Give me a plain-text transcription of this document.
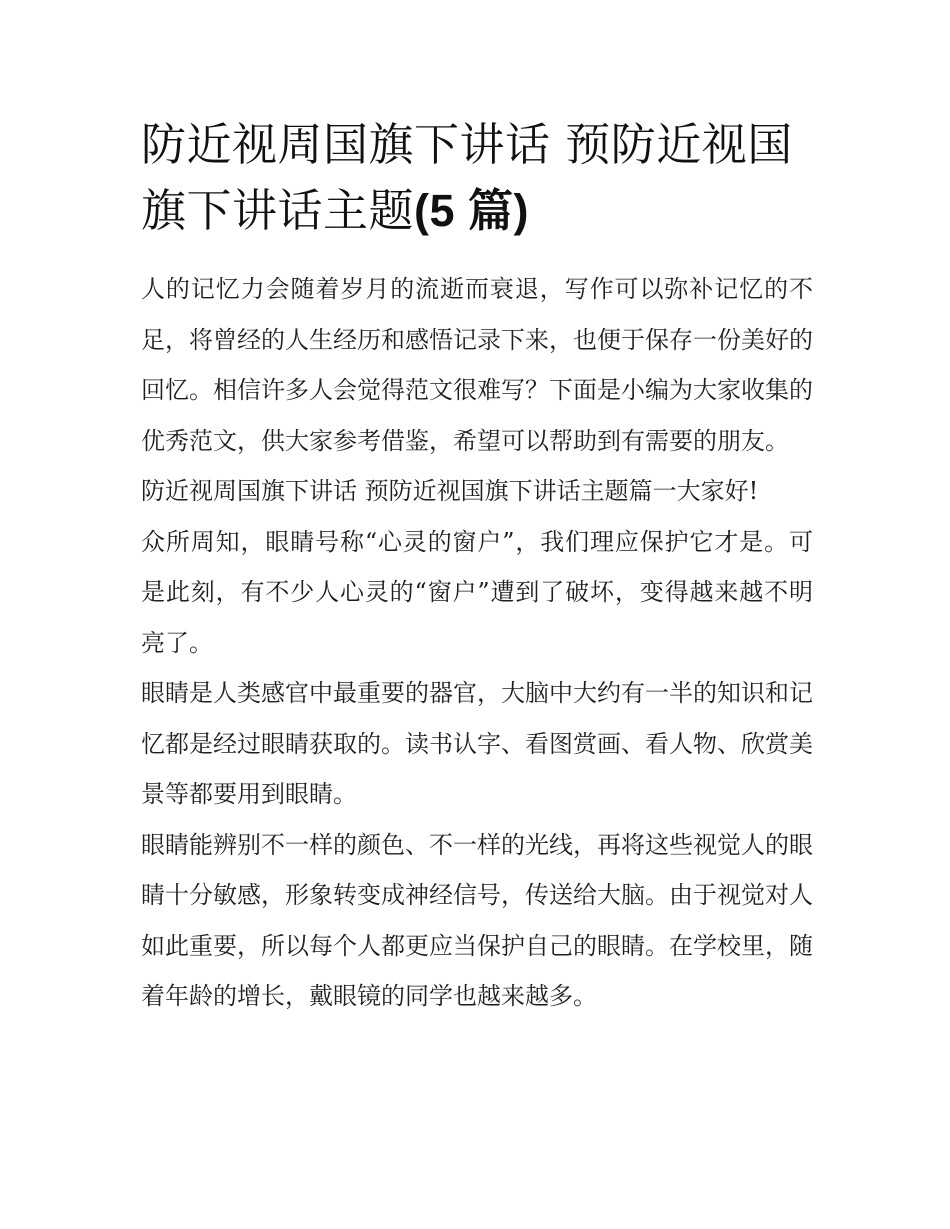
防近视周国旗下讲话 预防近视国旗下讲话主题(5 篇)

人的记忆力会随着岁月的流逝而衰退，写作可以弥补记忆的不足，将曾经的人生经历和感悟记录下来，也便于保存一份美好的回忆。相信许多人会觉得范文很难写？下面是小编为大家收集的优秀范文，供大家参考借鉴，希望可以帮助到有需要的朋友。

防近视周国旗下讲话 预防近视国旗下讲话主题篇一大家好!

众所周知，眼睛号称“心灵的窗户”，我们理应保护它才是。可是此刻，有不少人心灵的“窗户”遭到了破坏，变得越来越不明亮了。

眼睛是人类感官中最重要的器官，大脑中大约有一半的知识和记忆都是经过眼睛获取的。读书认字、看图赏画、看人物、欣赏美景等都要用到眼睛。

眼睛能辨别不一样的颜色、不一样的光线，再将这些视觉人的眼睛十分敏感，形象转变成神经信号，传送给大脑。由于视觉对人如此重要，所以每个人都更应当保护自己的眼睛。在学校里，随着年龄的增长，戴眼镜的同学也越来越多。
